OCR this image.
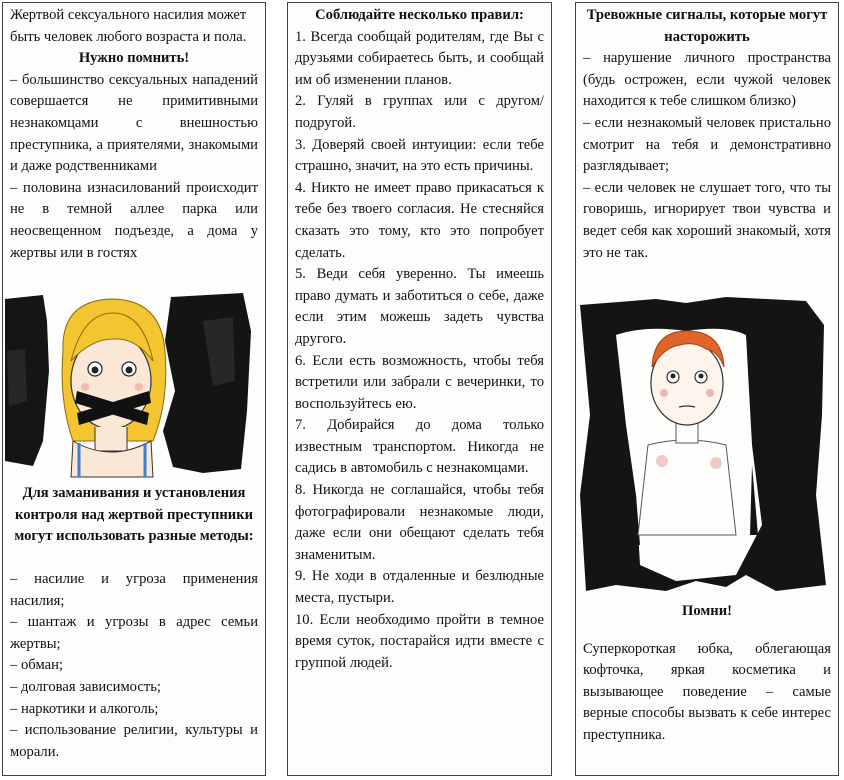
Жертвой сексуального насилия может быть человек любого возраста и пола.

Нужно помнить!

– большинство сексуальных нападений совершается не примитивными незнакомцами с внешностью преступника, а приятелями, знакомыми и даже родственниками

– половина изнасилований происходит не в темной аллее парка или неосвещенном подъезде, а дома у жертвы или в гостях

Для заманивания и установления контроля над жертвой преступники могут использовать разные методы:

– насилие и угроза применения насилия;

– шантаж и угрозы в адрес семьи жертвы;

– обман;

– долговая зависимость;

– наркотики и алкоголь;

– использование религии, культуры и морали.

Соблюдайте несколько правил:

1. Всегда сообщай родителям, где Вы с друзьями собираетесь быть, и сообщай им об изменении планов.

2. Гуляй в группах или с другом/подругой.

3. Доверяй своей интуиции: если тебе страшно, значит, на это есть причины.

4. Никто не имеет право прикасаться к тебе без твоего согласия. Не стесняйся сказать это тому, кто это попробует сделать.

5. Веди себя уверенно. Ты имеешь право думать и заботиться о себе, даже если этим можешь задеть чувства другого.

6. Если есть возможность, чтобы тебя встретили или забрали с вечеринки, то воспользуйтесь ею.

7. Добирайся до дома только известным транспортом. Никогда не садись в автомобиль с незнакомцами.

8. Никогда не соглашайся, чтобы тебя фотографировали незнакомые люди, даже если они обещают сделать тебя знаменитым.

9. Не ходи в отдаленные и безлюдные места, пустыри.

10. Если необходимо пройти в темное время суток, постарайся идти вместе с группой людей.

Тревожные сигналы, которые могут насторожить

– нарушение личного пространства (будь острожен, если чужой человек находится к тебе слишком близко)

– если незнакомый человек пристально смотрит на тебя и демонстративно разглядывает;

– если человек не слушает того, что ты говоришь, игнорирует твои чувства и ведет себя как хороший знакомый, хотя это не так.

Помни!

Суперкороткая юбка, облегающая кофточка, яркая косметика и вызывающее поведение – самые верные способы вызвать к себе интерес преступника.
